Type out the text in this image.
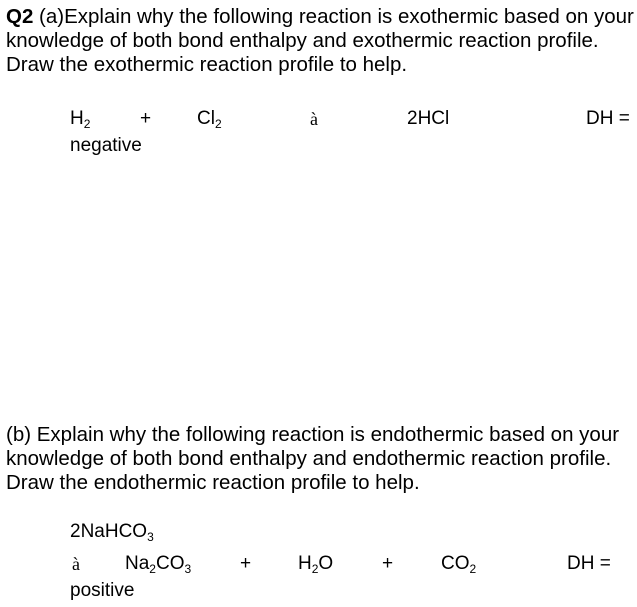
Q2 (a)Explain why the following reaction is exothermic based on your knowledge of both bond enthalpy and exothermic reaction profile. Draw the exothermic reaction profile to help.

$H_2$	+ $Cl_2$	à	2HCl	DH =
negative

(b) Explain why the following reaction is endothermic based on your knowledge of both bond enthalpy and endothermic reaction profile. Draw the endothermic reaction profile to help.

2NaHCO$_3$
à $Na_2CO_3$	+ $H_2O$	+	$CO_2$	DH =
positive
